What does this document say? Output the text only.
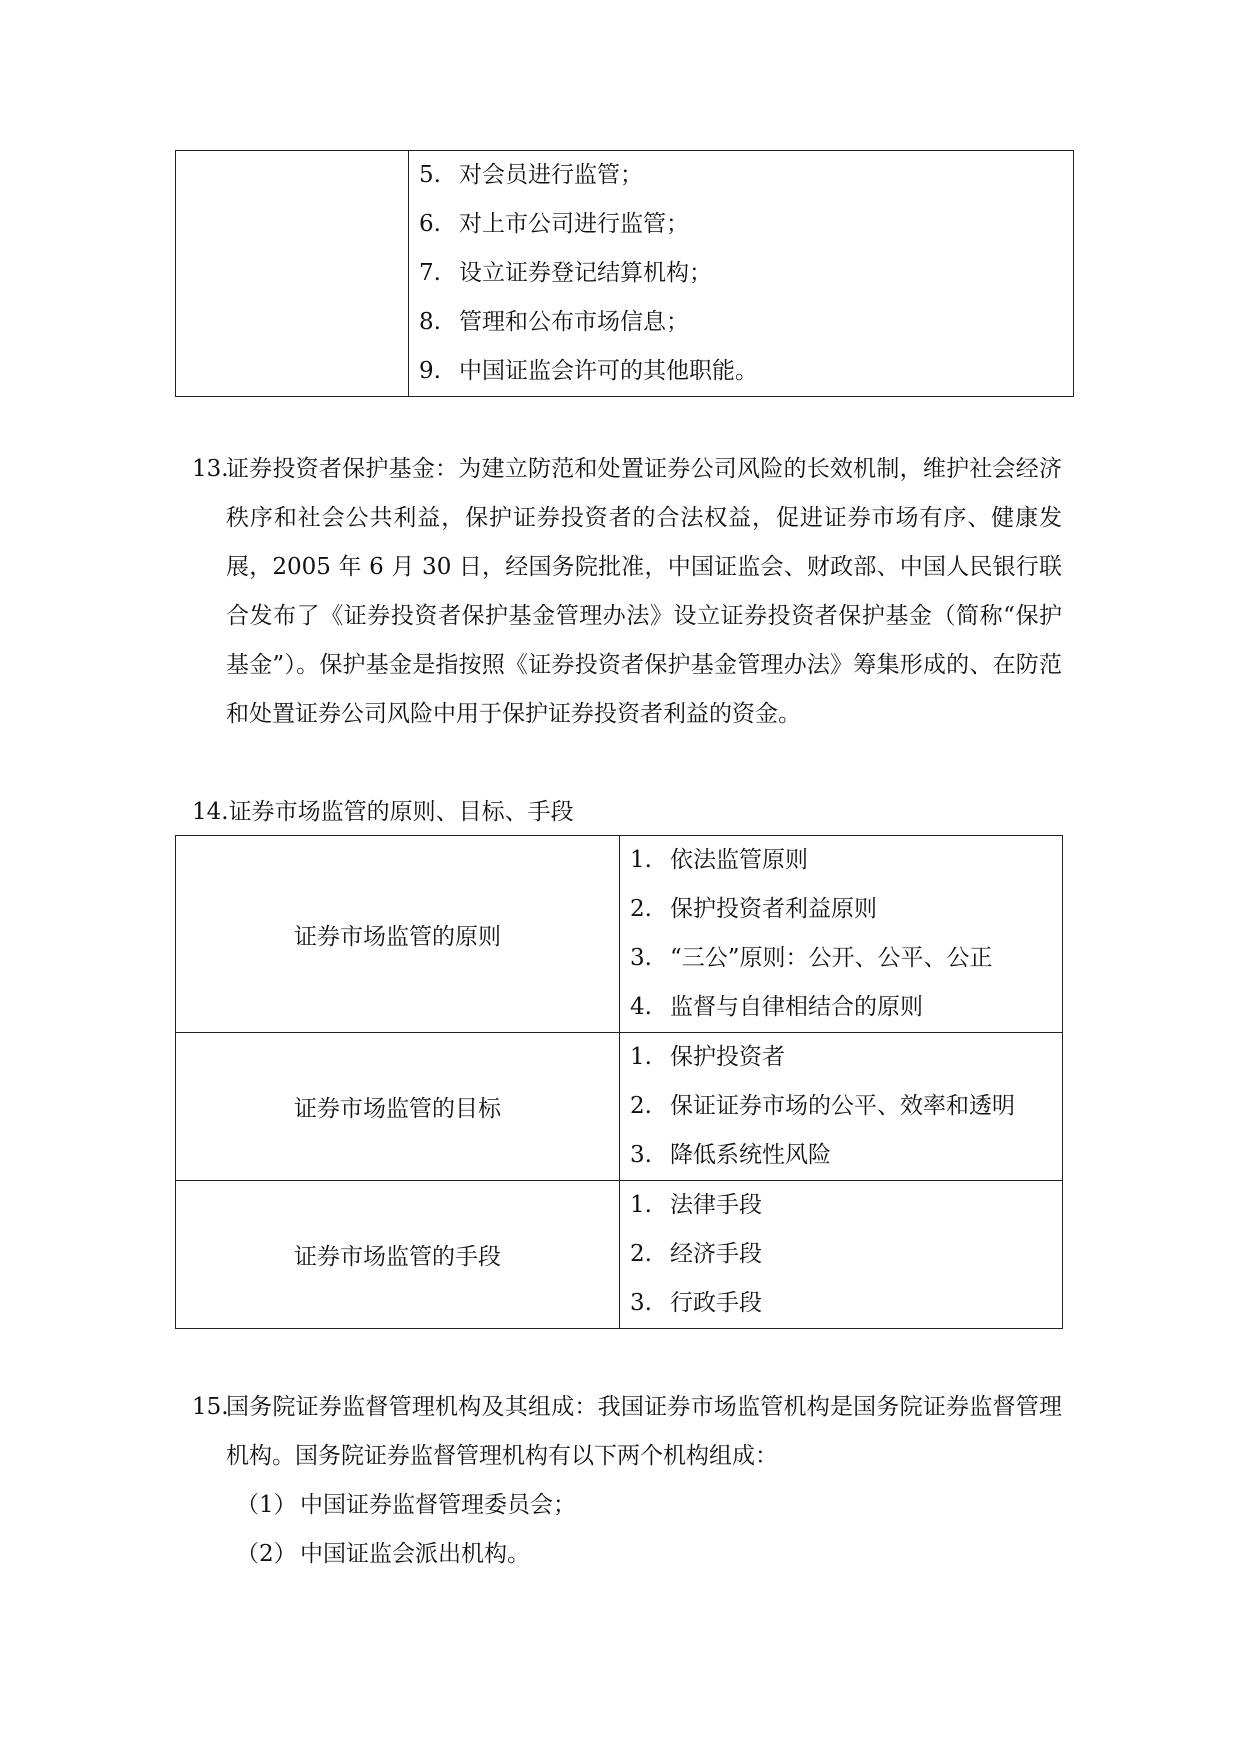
5. 对会员进行监管；
6. 对上市公司进行监管；
7. 设立证券登记结算机构；
8. 管理和公布市场信息；
9. 中国证监会许可的其他职能。
13.
证券投资者保护基金：为建立防范和处置证券公司风险的长效机制，维护社会经济秩序和社会公共利益，保护证券投资者的合法权益，促进证券市场有序、健康发展，2005 年 6 月 30 日，经国务院批准，中国证监会、财政部、中国人民银行联合发布了《证券投资者保护基金管理办法》设立证券投资者保护基金（简称“保护基金”）。保护基金是指按照《证券投资者保护基金管理办法》筹集形成的、在防范和处置证券公司风险中用于保护证券投资者利益的资金。
14.证券市场监管的原则、目标、手段
证券市场监管的原则	1. 依法监管原则
2. 保护投资者利益原则
3. “三公”原则：公开、公平、公正
4. 监督与自律相结合的原则

证券市场监管的目标	1. 保护投资者
2. 保证证券市场的公平、效率和透明
3. 降低系统性风险

证券市场监管的手段	1. 法律手段
2. 经济手段
3. 行政手段
15.
国务院证券监督管理机构及其组成：我国证券市场监管机构是国务院证券监督管理机构。国务院证券监督管理机构有以下两个机构组成：
（1） 中国证券监督管理委员会；
（2） 中国证监会派出机构。
